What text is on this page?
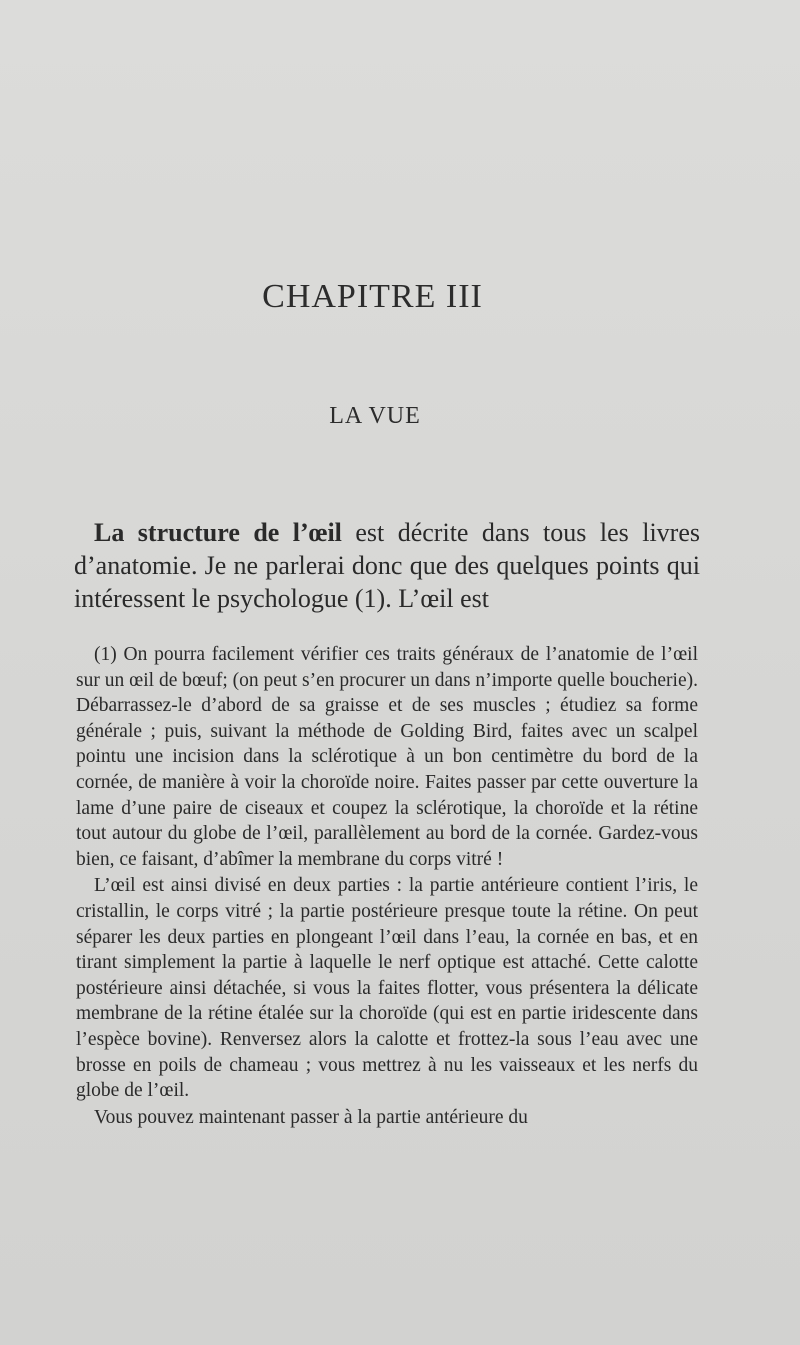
CHAPITRE III
LA VUE

La structure de l’œil est décrite dans tous les livres d’anatomie. Je ne parlerai donc que des quelques points qui intéressent le psychologue (1). L’œil est

(1) On pourra facilement vérifier ces traits généraux de l’anatomie de l’œil sur un œil de bœuf; (on peut s’en procurer un dans n’importe quelle boucherie). Débarrassez-le d’abord de sa graisse et de ses muscles ; étudiez sa forme générale ; puis, suivant la méthode de Golding Bird, faites avec un scalpel pointu une incision dans la sclérotique à un bon centimètre du bord de la cornée, de manière à voir la choroïde noire. Faites passer par cette ouverture la lame d’une paire de ciseaux et coupez la sclérotique, la choroïde et la rétine tout autour du globe de l’œil, parallèlement au bord de la cornée. Gardez-vous bien, ce faisant, d’abîmer la membrane du corps vitré !

L’œil est ainsi divisé en deux parties : la partie antérieure contient l’iris, le cristallin, le corps vitré ; la partie postérieure presque toute la rétine. On peut séparer les deux parties en plongeant l’œil dans l’eau, la cornée en bas, et en tirant simplement la partie à laquelle le nerf optique est attaché. Cette calotte postérieure ainsi détachée, si vous la faites flotter, vous présentera la délicate membrane de la rétine étalée sur la choroïde (qui est en partie iridescente dans l’espèce bovine). Renversez alors la calotte et frottez-la sous l’eau avec une brosse en poils de chameau ; vous mettrez à nu les vaisseaux et les nerfs du globe de l’œil.

Vous pouvez maintenant passer à la partie antérieure du
